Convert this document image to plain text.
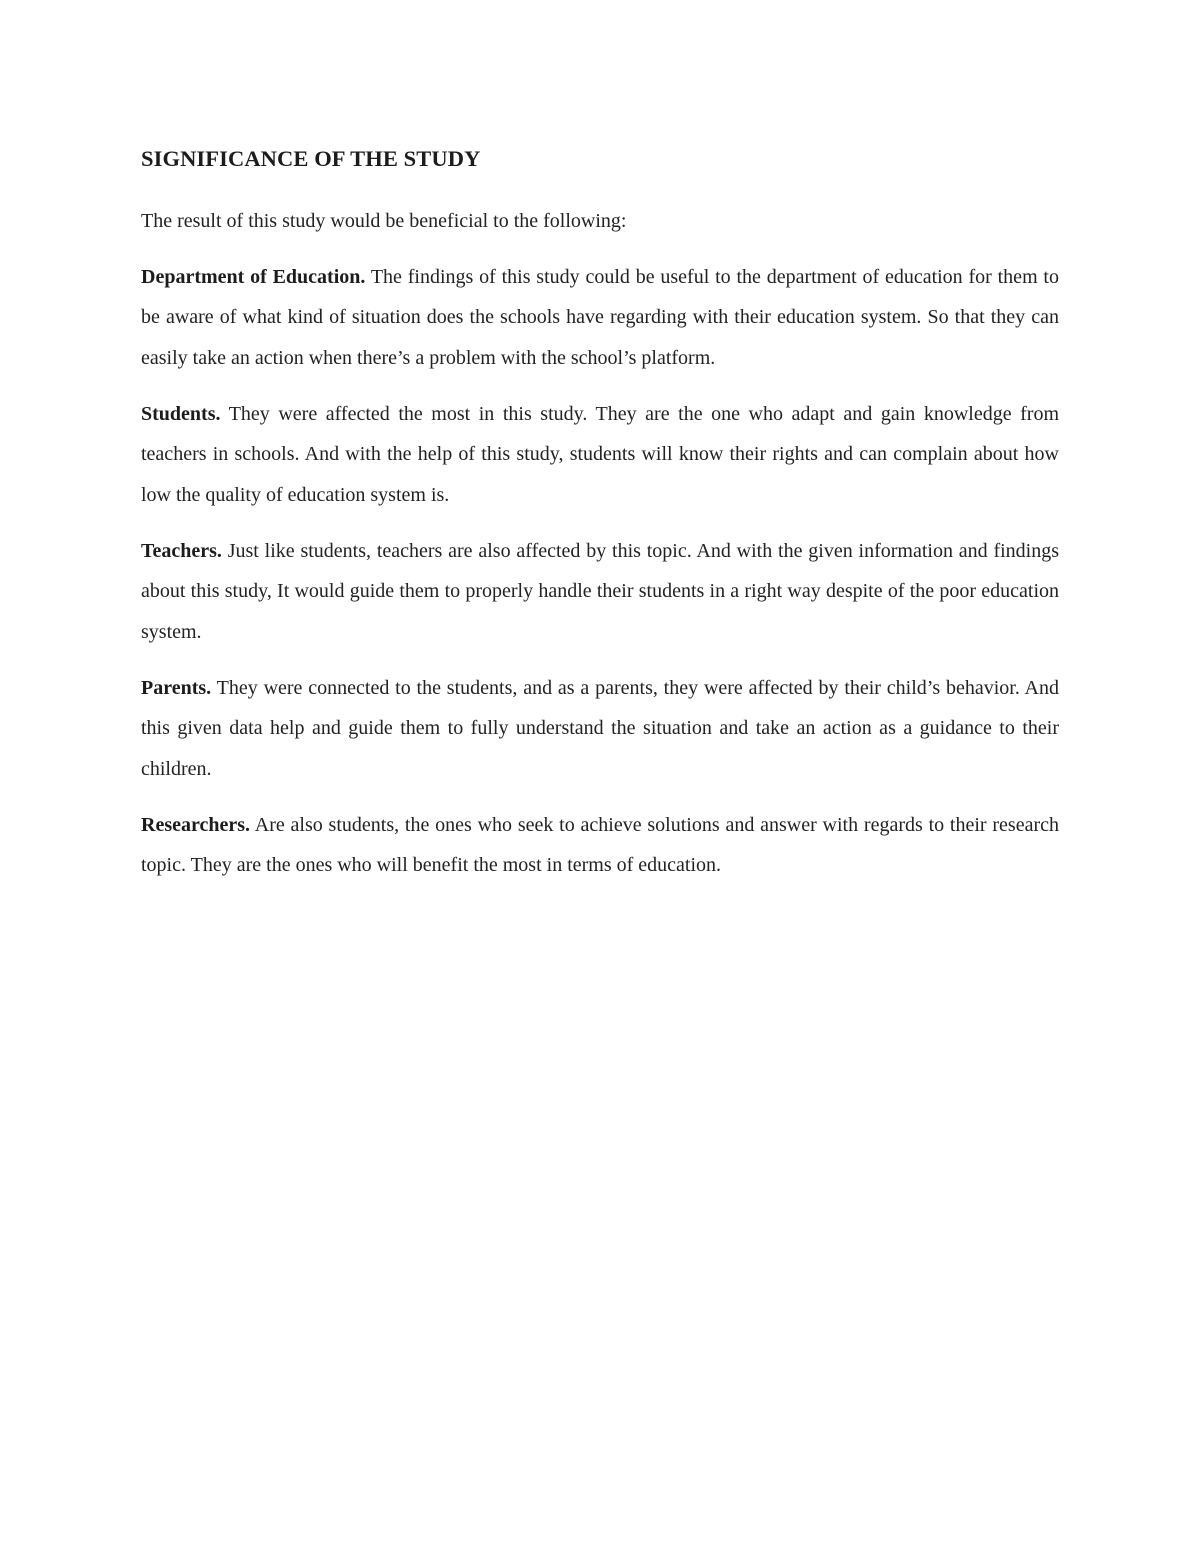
SIGNIFICANCE OF THE STUDY

The result of this study would be beneficial to the following:

Department of Education. The findings of this study could be useful to the department of education for them to be aware of what kind of situation does the schools have regarding with their education system. So that they can easily take an action when there’s a problem with the school’s platform.

Students. They were affected the most in this study. They are the one who adapt and gain knowledge from teachers in schools. And with the help of this study, students will know their rights and can complain about how low the quality of education system is.

Teachers. Just like students, teachers are also affected by this topic. And with the given information and findings about this study, It would guide them to properly handle their students in a right way despite of the poor education system.

Parents. They were connected to the students, and as a parents, they were affected by their child’s behavior. And this given data help and guide them to fully understand the situation and take an action as a guidance to their children.

Researchers. Are also students, the ones who seek to achieve solutions and answer with regards to their research topic. They are the ones who will benefit the most in terms of education.
